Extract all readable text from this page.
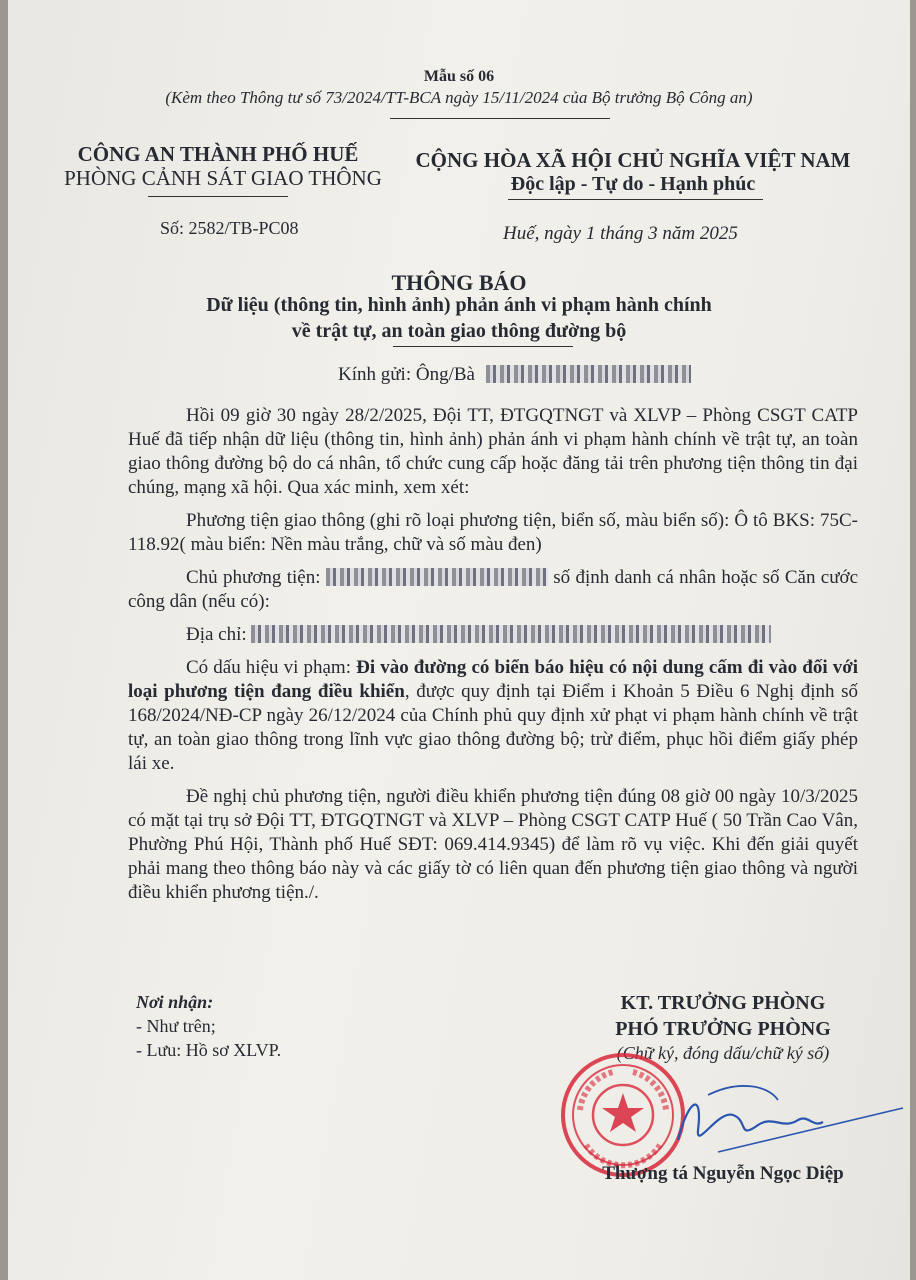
Mẫu số 06
(Kèm theo Thông tư số 73/2024/TT-BCA ngày 15/11/2024 của Bộ trưởng Bộ Công an)
CÔNG AN THÀNH PHỐ HUẾ
PHÒNG CẢNH SÁT GIAO THÔNG
CỘNG HÒA XÃ HỘI CHỦ NGHĨA VIỆT NAM
Độc lập - Tự do - Hạnh phúc
Số: 2582/TB-PC08	Huế, ngày 1 tháng 3 năm 2025
THÔNG BÁO
Dữ liệu (thông tin, hình ảnh) phản ánh vi phạm hành chính
về trật tự, an toàn giao thông đường bộ
Kính gửi: Ông/Bà

Hồi 09 giờ 30 ngày 28/2/2025, Đội TT, ĐTGQTNGT và XLVP – Phòng CSGT CATP Huế đã tiếp nhận dữ liệu (thông tin, hình ảnh) phản ánh vi phạm hành chính về trật tự, an toàn giao thông đường bộ do cá nhân, tổ chức cung cấp hoặc đăng tải trên phương tiện thông tin đại chúng, mạng xã hội. Qua xác minh, xem xét:

Phương tiện giao thông (ghi rõ loại phương tiện, biển số, màu biển số): Ô tô BKS: 75C-118.92( màu biển: Nền màu trắng, chữ và số màu đen)

Chủ phương tiện:	số định danh cá nhân hoặc số Căn cước công dân (nếu có):

Địa chỉ:

Có dấu hiệu vi phạm: Đi vào đường có biển báo hiệu có nội dung cấm đi vào đối với loại phương tiện đang điều khiển, được quy định tại Điểm i Khoản 5 Điều 6 Nghị định số 168/2024/NĐ-CP ngày 26/12/2024 của Chính phủ quy định xử phạt vi phạm hành chính về trật tự, an toàn giao thông trong lĩnh vực giao thông đường bộ; trừ điểm, phục hồi điểm giấy phép lái xe.

Đề nghị chủ phương tiện, người điều khiển phương tiện đúng 08 giờ 00 ngày 10/3/2025 có mặt tại trụ sở Đội TT, ĐTGQTNGT và XLVP – Phòng CSGT CATP Huế ( 50 Trần Cao Vân, Phường Phú Hội, Thành phố Huế SĐT: 069.414.9345) để làm rõ vụ việc. Khi đến giải quyết phải mang theo thông báo này và các giấy tờ có liên quan đến phương tiện giao thông và người điều khiển phương tiện./.

Nơi nhận:
- Như trên;
- Lưu: Hồ sơ XLVP.
KT. TRƯỞNG PHÒNG
PHÓ TRƯỞNG PHÒNG
(Chữ ký, đóng dấu/chữ ký số)
Thượng tá Nguyễn Ngọc Diệp
